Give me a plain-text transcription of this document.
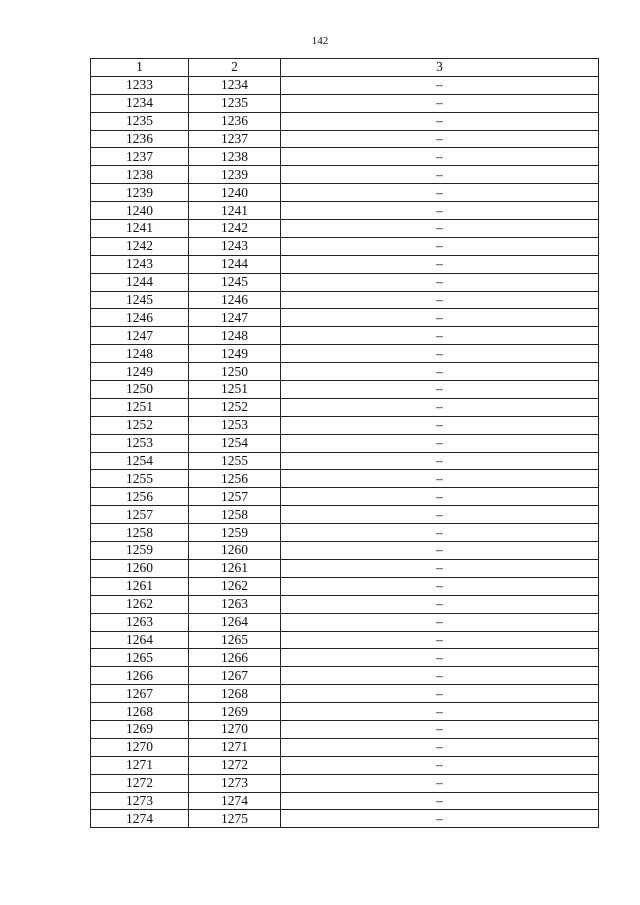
142
1	2	3
1233	1234	–
1234	1235	–
1235	1236	–
1236	1237	–
1237	1238	–
1238	1239	–
1239	1240	–
1240	1241	–
1241	1242	–
1242	1243	–
1243	1244	–
1244	1245	–
1245	1246	–
1246	1247	–
1247	1248	–
1248	1249	–
1249	1250	–
1250	1251	–
1251	1252	–
1252	1253	–
1253	1254	–
1254	1255	–
1255	1256	–
1256	1257	–
1257	1258	–
1258	1259	–
1259	1260	–
1260	1261	–
1261	1262	–
1262	1263	–
1263	1264	–
1264	1265	–
1265	1266	–
1266	1267	–
1267	1268	–
1268	1269	–
1269	1270	–
1270	1271	–
1271	1272	–
1272	1273	–
1273	1274	–
1274	1275	–
